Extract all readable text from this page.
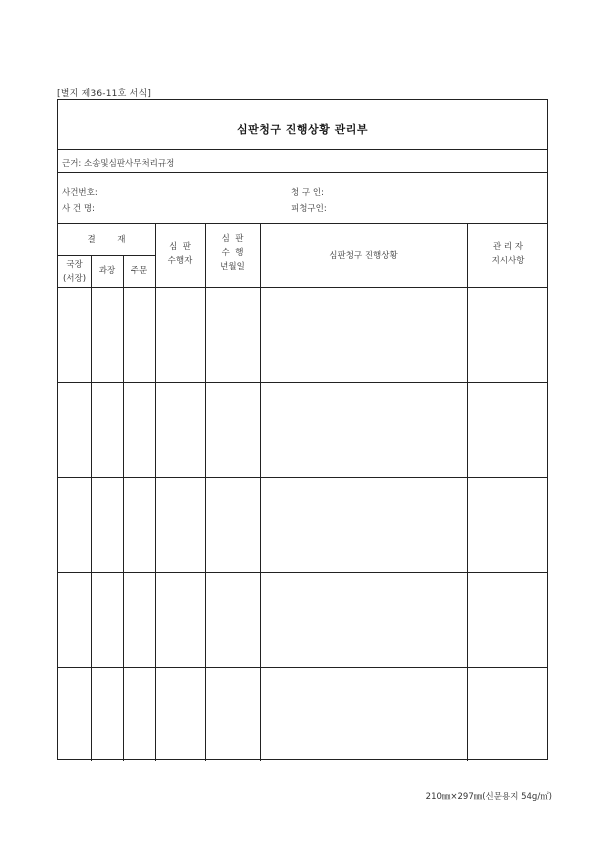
[별지 제36-11호 서식]
심판청구 진행상황 관리부
근거: 소송및심판사무처리규정
사건번호:
사 건 명:
청 구 인:
피청구인:
결        재
국장
(서장)
과장	주문
심  판
수행자
심  판
수  행
년월일
심판청구 진행상황
관 리 자
지시사항
210㎜×297㎜(신문용지 54g/㎡)
